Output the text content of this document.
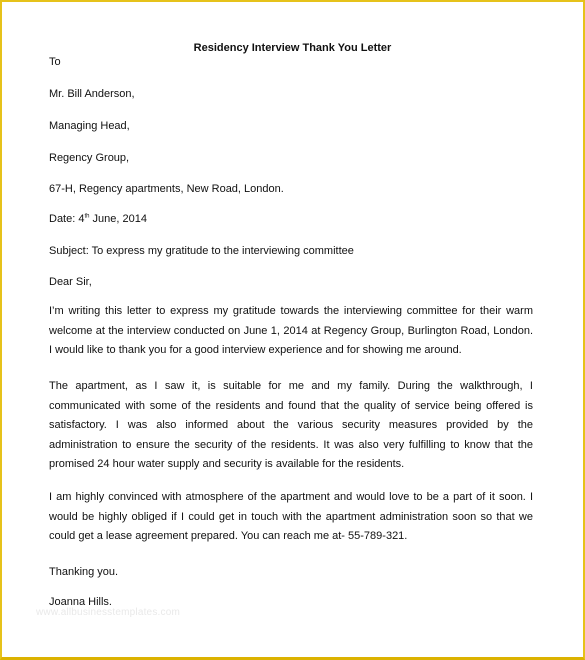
Residency Interview Thank You Letter
To
Mr. Bill Anderson,
Managing Head,
Regency Group,
67-H, Regency apartments, New Road, London.
Date: 4th June, 2014
Subject: To express my gratitude to the interviewing committee
Dear Sir,
I’m writing this letter to express my gratitude towards the interviewing committee for their warm welcome at the interview conducted on June 1, 2014 at Regency Group, Burlington Road, London. I would like to thank you for a good interview experience and for showing me around.
The apartment, as I saw it, is suitable for me and my family. During the walkthrough, I communicated with some of the residents and found that the quality of service being offered is satisfactory. I was also informed about the various security measures provided by the administration to ensure the security of the residents. It was also very fulfilling to know that the promised 24 hour water supply and security is available for the residents.
I am highly convinced with atmosphere of the apartment and would love to be a part of it soon. I would be highly obliged if I could get in touch with the apartment administration soon so that we could get a lease agreement prepared. You can reach me at- 55-789-321.
Thanking you.
Joanna Hills.
www.allbusinesstemplates.com
